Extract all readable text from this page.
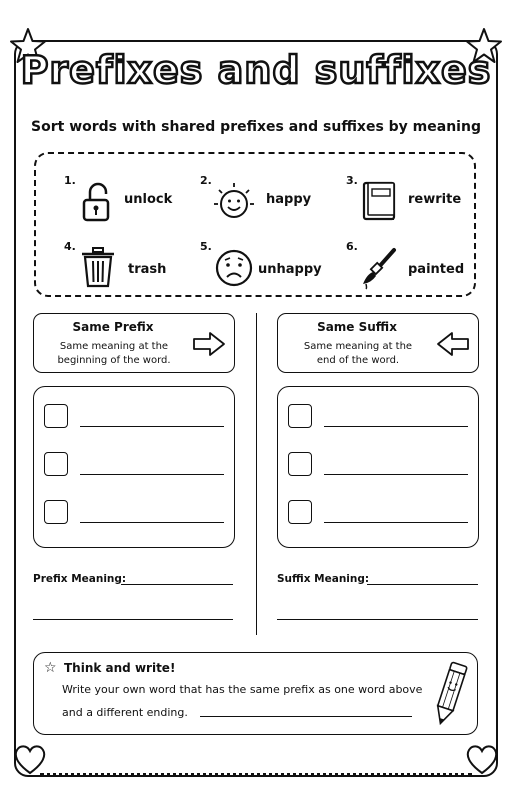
Prefixes and suffixes
Sort words with shared prefixes and suffixes by meaning
1.
unlock
2.
happy
3.
rewrite
4.
trash
5.
unhappy
6.
painted
Same Prefix
Same meaning at the
beginning of the word.
Prefix Meaning:
Same Suffix
Same meaning at the
end of the word.
Suffix Meaning:
☆ Think and write!
Write your own word that has the same prefix as one word above
and a different ending.
